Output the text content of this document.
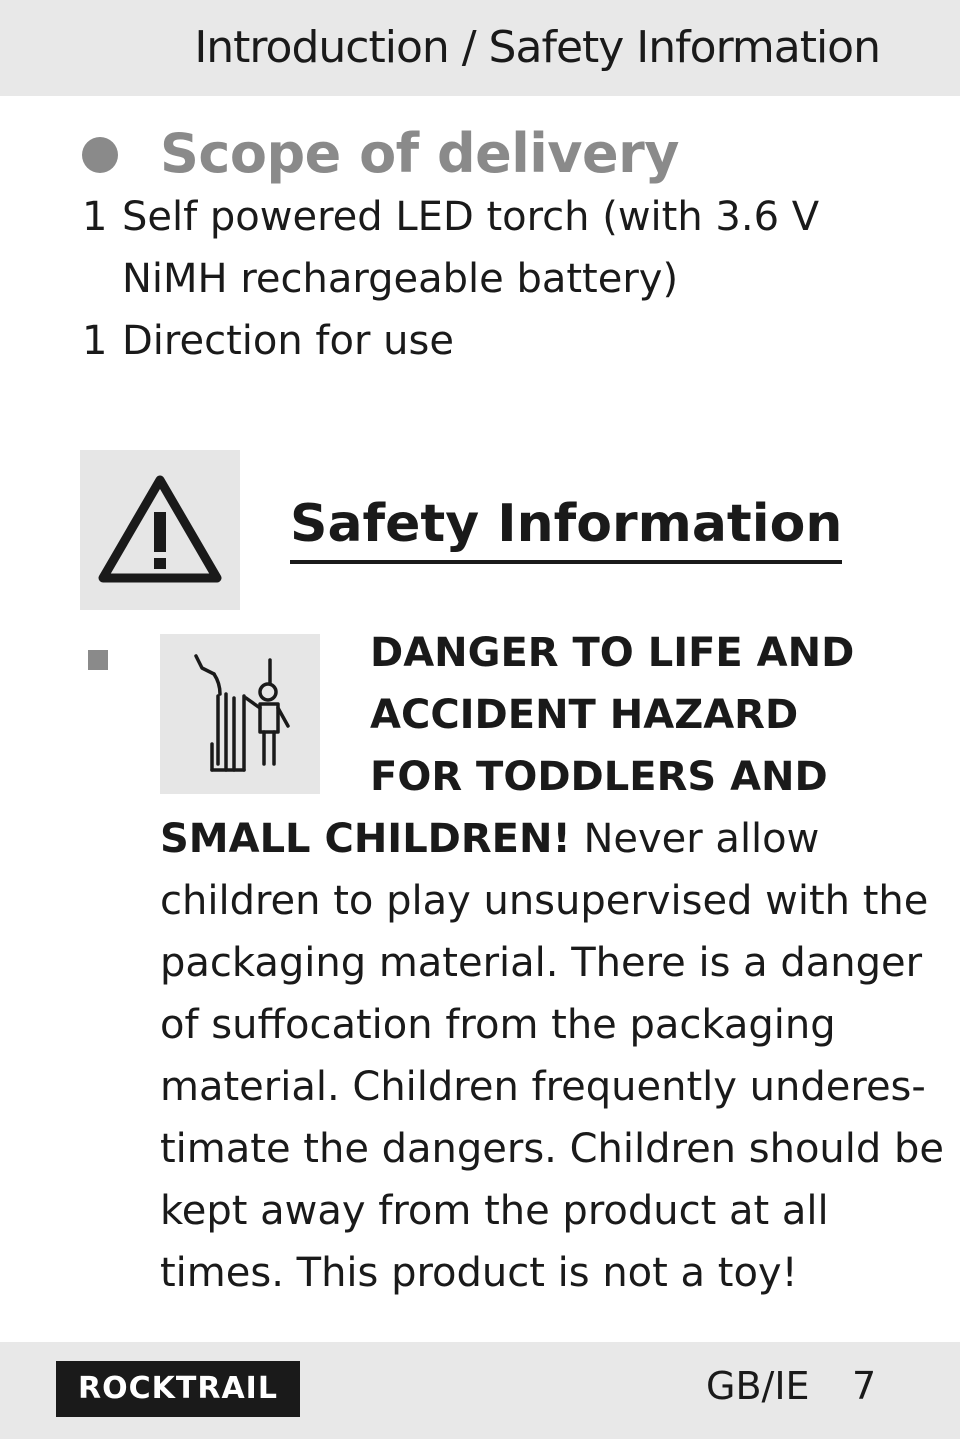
Introduction / Safety Information
Scope of delivery
1 Self powered LED torch (with 3.6 V
NiMH rechargeable battery)
1 Direction for use
Safety Information
DANGER TO LIFE AND
ACCIDENT HAZARD
FOR TODDLERS AND
SMALL CHILDREN! Never allow
children to play unsupervised with the
packaging material. There is a danger
of suffocation from the packaging
material. Children frequently underes-
timate the dangers. Children should be
kept away from the product at all
times. This product is not a toy!
ROCKTRAIL	GB/IE 7
